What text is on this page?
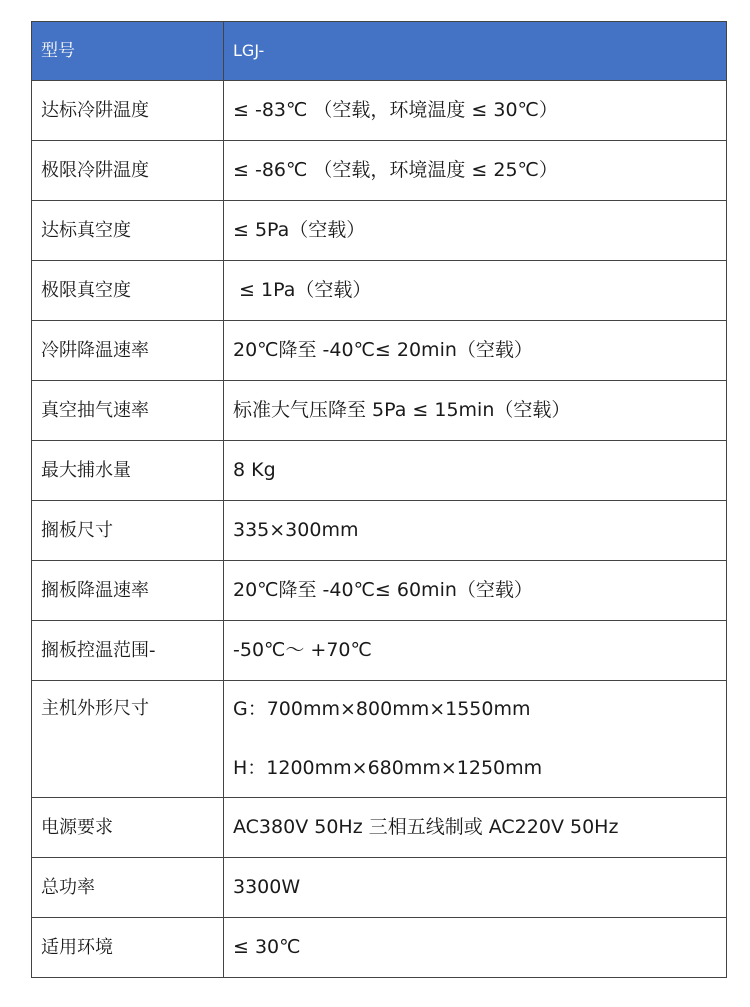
型号	LGJ-
达标冷阱温度	≤ -83℃ （空载，环境温度 ≤ 30℃）
极限冷阱温度	≤ -86℃ （空载，环境温度 ≤ 25℃）
达标真空度	≤ 5Pa（空载）
极限真空度	≤ 1Pa（空载）
冷阱降温速率	20℃降至 -40℃≤ 20min（空载）
真空抽气速率	标准大气压降至 5Pa ≤ 15min（空载）
最大捕水量	8 Kg
搁板尺寸	335×300mm
搁板降温速率	20℃降至 -40℃≤ 60min（空载）
搁板控温范围-	-50℃～ +70℃
主机外形尺寸	G：700mm×800mm×1550mm
H：1200mm×680mm×1250mm

电源要求	AC380V 50Hz 三相五线制或 AC220V 50Hz
总功率	3300W
适用环境	≤ 30℃
